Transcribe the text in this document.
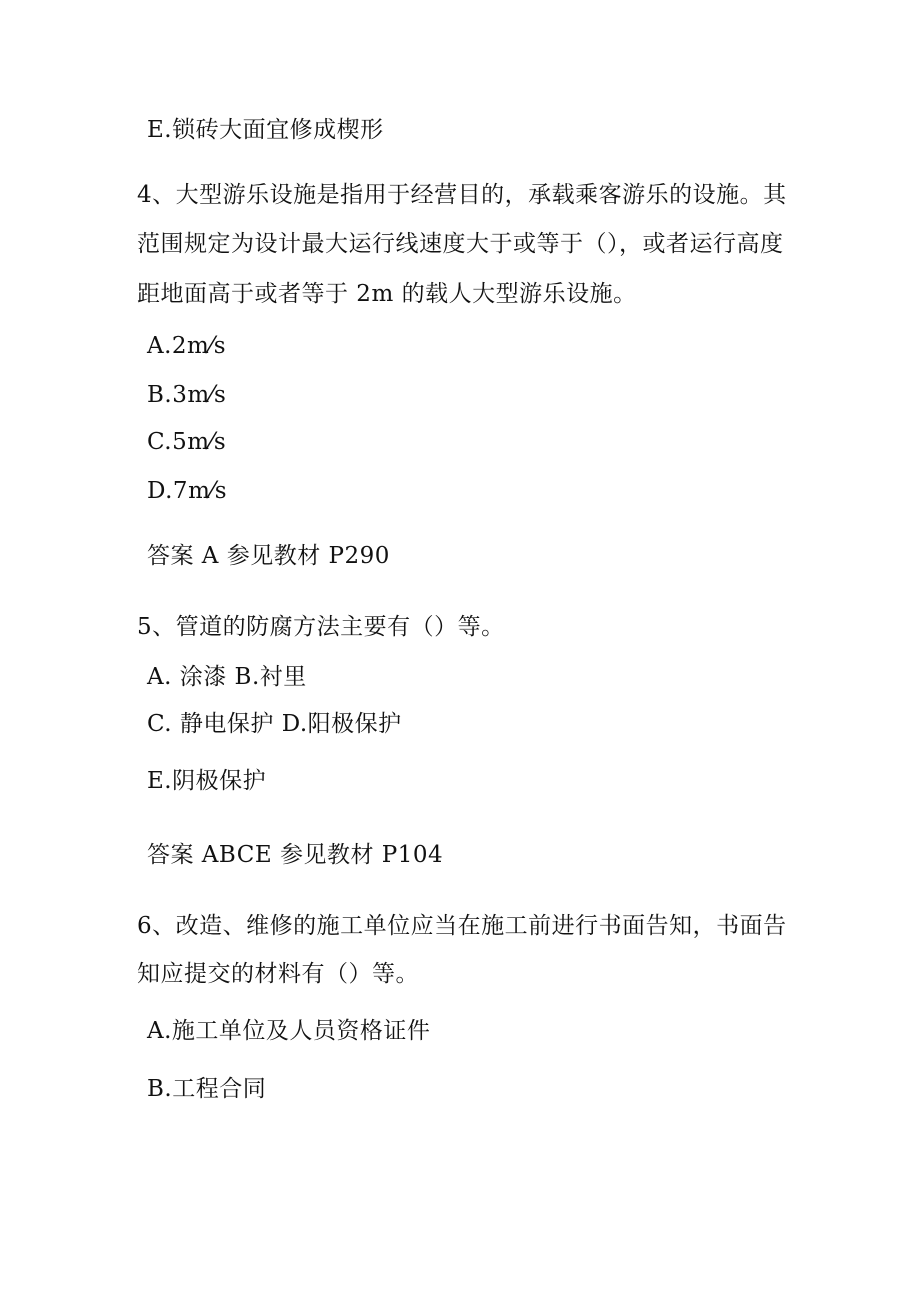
E.锁砖大面宜修成楔形
4、大型游乐设施是指用于经营目的，承载乘客游乐的设施。其
范围规定为设计最大运行线速度大于或等于（），或者运行高度
距地面高于或者等于 2m 的载人大型游乐设施。
A.2m⁄s
B.3m⁄s
C.5m⁄s
D.7m⁄s
答案 A 参见教材 P290
5、管道的防腐方法主要有（）等。
A. 涂漆 B.衬里
C. 静电保护 D.阳极保护
E.阴极保护
答案 ABCE 参见教材 P104
6、改造、维修的施工单位应当在施工前进行书面告知，书面告
知应提交的材料有（）等。
A.施工单位及人员资格证件
B.工程合同
